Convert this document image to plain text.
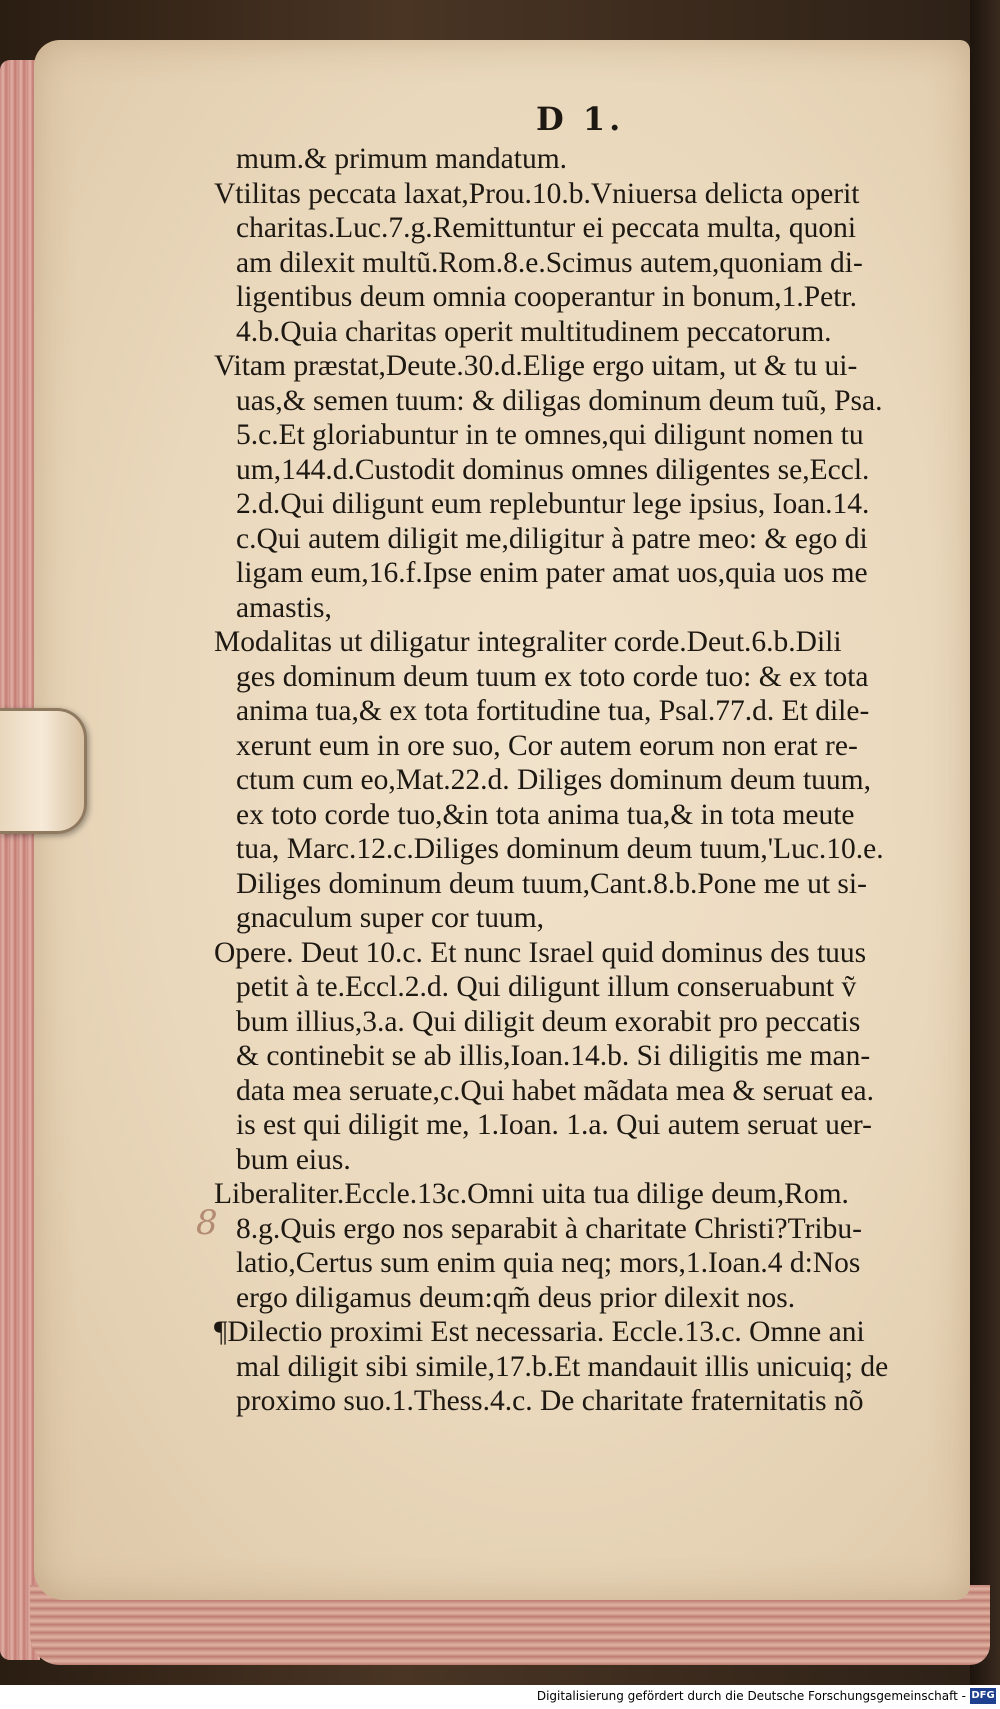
D 1.
mum.& primum mandatum.
Vtilitas peccata laxat,Prou.10.b.Vniuersa delicta operit
charitas.Luc.7.g.Remittuntur ei peccata multa, quoni
am dilexit multũ.Rom.8.e.Scimus autem,quoniam di-
ligentibus deum omnia cooperantur in bonum,1.Petr.
4.b.Quia charitas operit multitudinem peccatorum.
Vitam præstat,Deute.30.d.Elige ergo uitam, ut & tu ui-
uas,& semen tuum: & diligas dominum deum tuũ, Psa.
5.c.Et gloriabuntur in te omnes,qui diligunt nomen tu
um,144.d.Custodit dominus omnes diligentes se,Eccl.
2.d.Qui diligunt eum replebuntur lege ipsius, Ioan.14.
c.Qui autem diligit me,diligitur à patre meo: & ego di
ligam eum,16.f.Ipse enim pater amat uos,quia uos me
amastis,
Modalitas ut diligatur integraliter corde.Deut.6.b.Dili
ges dominum deum tuum ex toto corde tuo: & ex tota
anima tua,& ex tota fortitudine tua, Psal.77.d. Et dile-
xerunt eum in ore suo, Cor autem eorum non erat re-
ctum cum eo,Mat.22.d. Diliges dominum deum tuum,
ex toto corde tuo,&in tota anima tua,& in tota meute
tua, Marc.12.c.Diliges dominum deum tuum,'Luc.10.e.
Diliges dominum deum tuum,Cant.8.b.Pone me ut si-
gnaculum super cor tuum,
Opere. Deut 10.c. Et nunc Israel quid dominus des tuus
petit à te.Eccl.2.d. Qui diligunt illum conseruabunt ṽ
bum illius,3.a. Qui diligit deum exorabit pro peccatis
& continebit se ab illis,Ioan.14.b. Si diligitis me man-
data mea seruate,c.Qui habet mãdata mea & seruat ea.
is est qui diligit me, 1.Ioan. 1.a. Qui autem seruat uer-
bum eius.
Liberaliter.Eccle.13c.Omni uita tua dilige deum,Rom.
8.g.Quis ergo nos separabit à charitate Christi?Tribu-
latio,Certus sum enim quia neq; mors,1.Ioan.4 d:Nos
ergo diligamus deum:qm̃ deus prior dilexit nos.
¶Dilectio proximi Est necessaria. Eccle.13.c. Omne ani
mal diligit sibi simile,17.b.Et mandauit illis unicuiq; de
proximo suo.1.Thess.4.c. De charitate fraternitatis nõ
8
Digitalisierung gefördert durch die Deutsche Forschungsgemeinschaft - DFG
